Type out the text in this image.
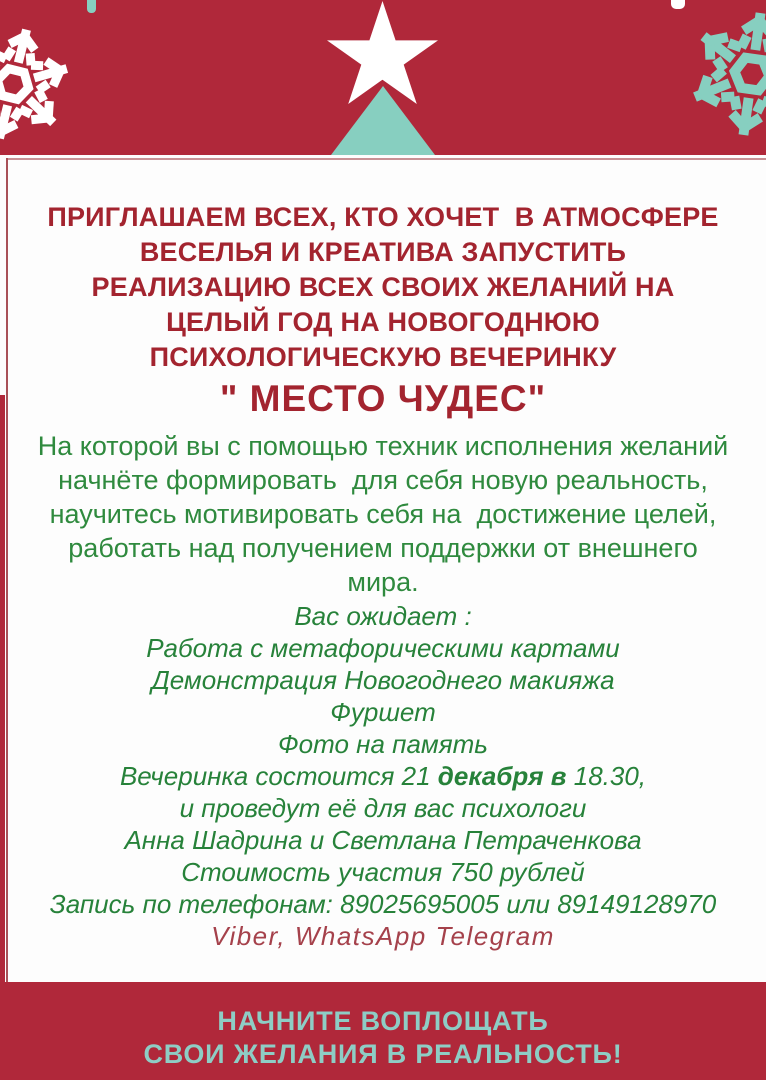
ПРИГЛАШАЕМ ВСЕХ, КТО ХОЧЕТ  В АТМОСФЕРЕ
ВЕСЕЛЬЯ И КРЕАТИВА ЗАПУСТИТЬ
РЕАЛИЗАЦИЮ ВСЕХ СВОИХ ЖЕЛАНИЙ НА
ЦЕЛЫЙ ГОД НА НОВОГОДНЮЮ
ПСИХОЛОГИЧЕСКУЮ ВЕЧЕРИНКУ
" МЕСТО ЧУДЕС"
На которой вы с помощью техник исполнения желаний
начнёте формировать  для себя новую реальность,
научитесь мотивировать себя на  достижение целей,
работать над получением поддержки от внешнего
мира.
Вас ожидает :
Работа с метафорическими картами
Демонстрация Новогоднего макияжа
Фуршет
Фото на память
Вечеринка состоится 21 декабря в 18.30,
и проведут её для вас психологи
Анна Шадрина и Светлана Петраченкова
Стоимость участия 750 рублей
Запись по телефонам: 89025695005 или 89149128970
Viber, WhatsApp Telegram
НАЧНИТЕ ВОПЛОЩАТЬ
СВОИ ЖЕЛАНИЯ В РЕАЛЬНОСТЬ!
